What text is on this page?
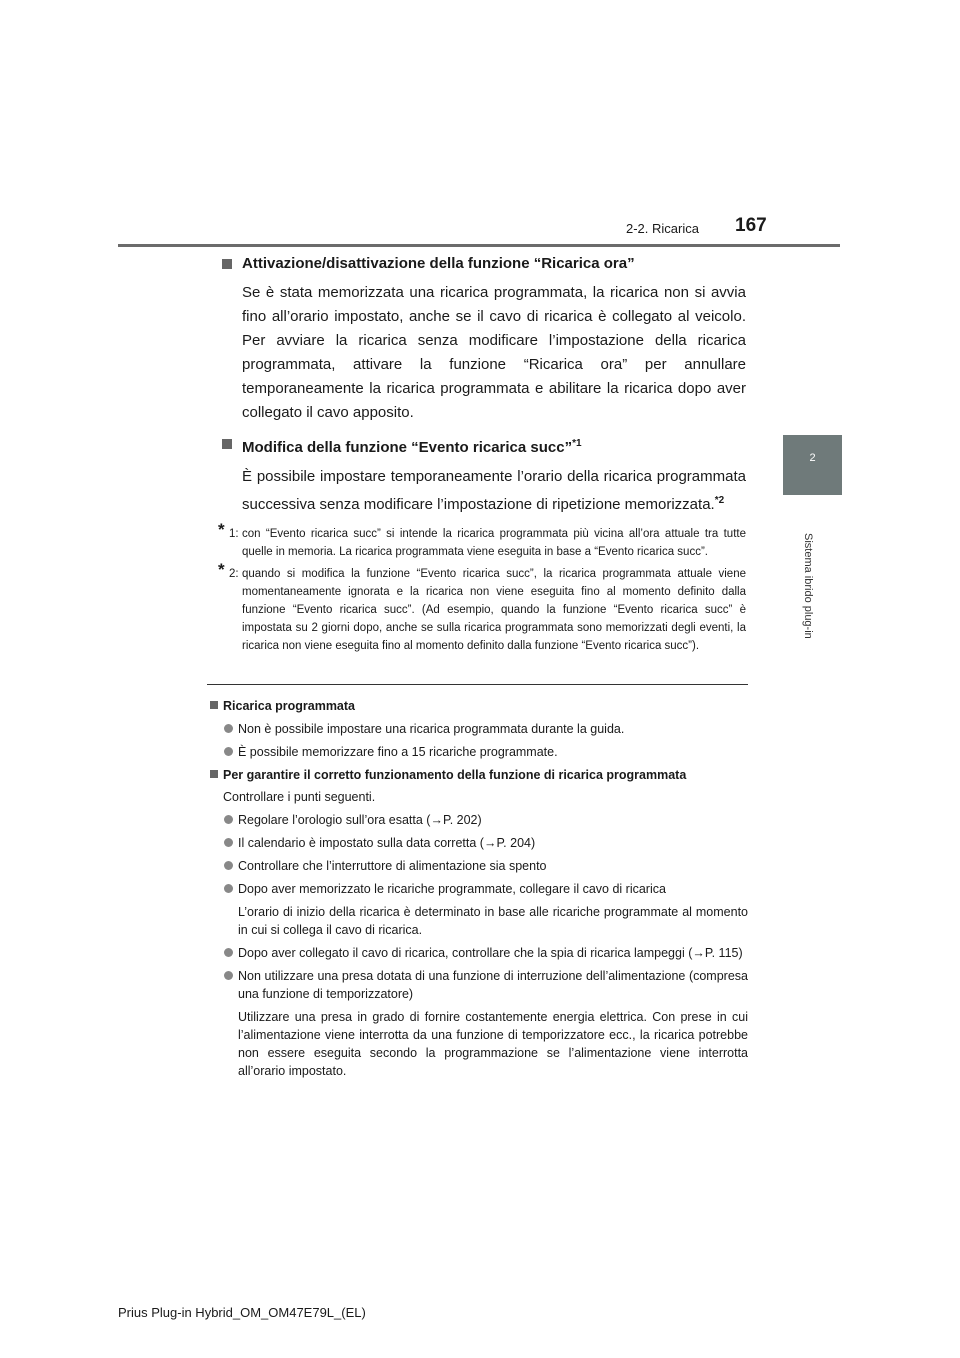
2-2. Ricarica 167
2
Sistema ibrido plug-in
Attivazione/disattivazione della funzione “Ricarica ora”

Se è stata memorizzata una ricarica programmata, la ricarica non si avvia fino all’orario impostato, anche se il cavo di ricarica è collegato al veicolo. Per avviare la ricarica senza modificare l’impostazione della ricarica programmata, attivare la funzione “Ricarica ora” per annullare temporaneamente la ricarica programmata e abilitare la ricarica dopo aver collegato il cavo apposito.

Modifica della funzione “Evento ricarica succ”$^{*1}$

È possibile impostare temporaneamente l’orario della ricarica programmata successiva senza modificare l’impostazione di ripetizione memorizzata.$^{*2}$

* 1: con “Evento ricarica succ” si intende la ricarica programmata più vicina all’ora attuale tra tutte quelle in memoria. La ricarica programmata viene eseguita in base a “Evento ricarica succ”.
* 2: quando si modifica la funzione “Evento ricarica succ”, la ricarica programmata attuale viene momentaneamente ignorata e la ricarica non viene eseguita fino al momento definito dalla funzione “Evento ricarica succ”. (Ad esempio, quando la funzione “Evento ricarica succ” è impostata su 2 giorni dopo, anche se sulla ricarica programmata sono memorizzati degli eventi, la ricarica non viene eseguita fino al momento definito dalla funzione “Evento ricarica succ”).
Ricarica programmata
Non è possibile impostare una ricarica programmata durante la guida.
È possibile memorizzare fino a 15 ricariche programmate.
Per garantire il corretto funzionamento della funzione di ricarica programmata
Controllare i punti seguenti.
Regolare l’orologio sull’ora esatta (→P. 202)
Il calendario è impostato sulla data corretta (→P. 204)
Controllare che l’interruttore di alimentazione sia spento
Dopo aver memorizzato le ricariche programmate, collegare il cavo di ricarica
L’orario di inizio della ricarica è determinato in base alle ricariche programmate al momento in cui si collega il cavo di ricarica.
Dopo aver collegato il cavo di ricarica, controllare che la spia di ricarica lampeggi (→P. 115)
Non utilizzare una presa dotata di una funzione di interruzione dell’alimentazione (compresa una funzione di temporizzatore)
Utilizzare una presa in grado di fornire costantemente energia elettrica. Con prese in cui l’alimentazione viene interrotta da una funzione di temporizzatore ecc., la ricarica potrebbe non essere eseguita secondo la programmazione se l’alimentazione viene interrotta all’orario impostato.
Prius Plug-in Hybrid_OM_OM47E79L_(EL)
